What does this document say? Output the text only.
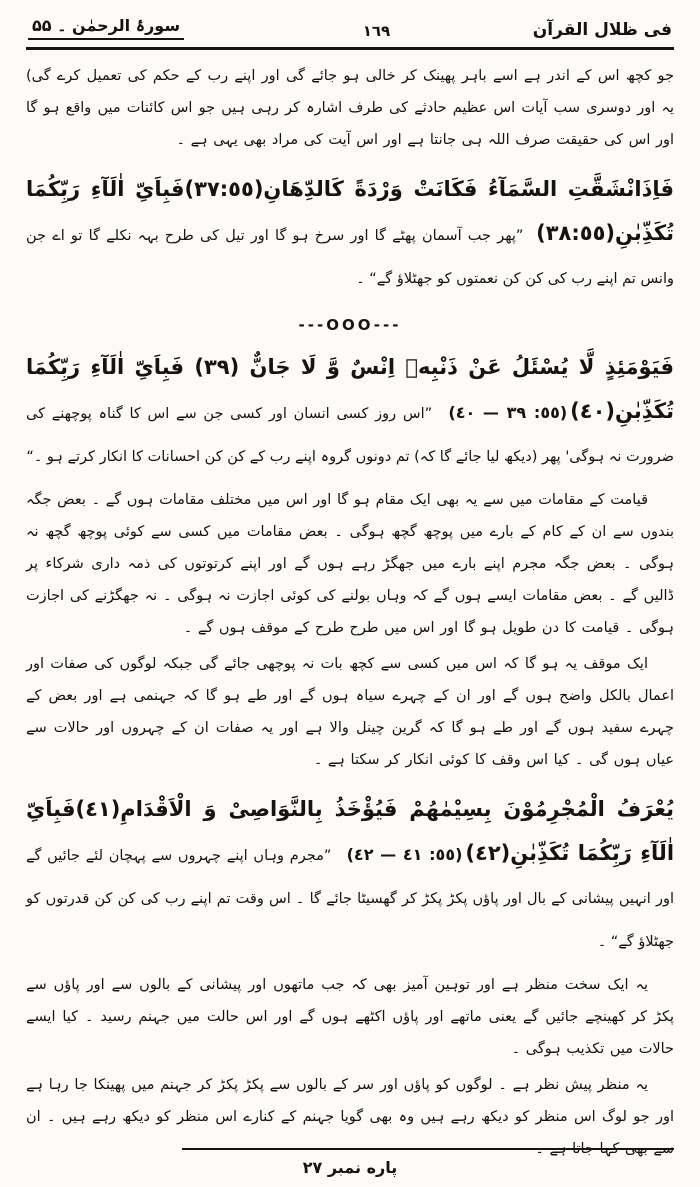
فی ظلال القرآن
١٦٩
سورۂ الرحمٰن ۔ ۵۵

جو کچھ اس کے اندر ہے اسے باہر پھینک کر خالی ہو جائے گی اور اپنے رب کے حکم کی تعمیل کرے گی) یہ اور دوسری سب آیات اس عظیم حادثے کی طرف اشارہ کر رہی ہیں جو اس کائنات میں واقع ہو گا اور اس کی حقیقت صرف اللہ ہی جانتا ہے اور اس آیت کی مراد بھی یہی ہے ۔

فَاِذَانْشَقَّتِ السَّمَآءُ فَكَانَتْ وَرْدَةً كَالدِّهَانِ(٣٧:٥٥)فَبِاَیِّ اٰلَآءِ رَبِّكُمَا تُكَذِّبٰنِ(٣٨:٥٥) ”پھر جب آسمان پھٹے گا اور سرخ ہو گا اور تیل کی طرح بہہ نکلے گا تو اے جن وانس تم اپنے رب کی کن کن نعمتوں کو جھٹلاؤ گے“ ۔

---OOO---

فَيَوْمَئِذٍ لَّا يُسْئَلُ عَنْ ذَنْبِهٖ اِنْسٌ وَّ لَا جَانٌّ (٣٩) فَبِاَیِّ اٰلَآءِ رَبِّكُمَا تُكَذِّبٰنِ(٤٠)(٥٥: ٣٩ — ٤٠) ”اس روز کسی انسان اور کسی جن سے اس کا گناہ پوچھنے کی ضرورت نہ ہوگی' پھر (دیکھ لیا جائے گا کہ) تم دونوں گروہ اپنے رب کے کن کن احسانات کا انکار کرتے ہو ۔“

قیامت کے مقامات میں سے یہ بھی ایک مقام ہو گا اور اس میں مختلف مقامات ہوں گے ۔ بعض جگہ بندوں سے ان کے کام کے بارے میں پوچھ گچھ ہوگی ۔ بعض مقامات میں کسی سے کوئی پوچھ گچھ نہ ہوگی ۔ بعض جگہ مجرم اپنے بارے میں جھگڑ رہے ہوں گے اور اپنے کرتوتوں کی ذمہ داری شرکاء پر ڈالیں گے ۔ بعض مقامات ایسے ہوں گے کہ وہاں بولنے کی کوئی اجازت نہ ہوگی ۔ نہ جھگڑنے کی اجازت ہوگی ۔ قیامت کا دن طویل ہو گا اور اس میں طرح طرح کے موقف ہوں گے ۔

ایک موقف یہ ہو گا کہ اس میں کسی سے کچھ بات نہ پوچھی جائے گی جبکہ لوگوں کی صفات اور اعمال بالکل واضح ہوں گے اور ان کے چہرے سیاہ ہوں گے اور طے ہو گا کہ جہنمی ہے اور بعض کے چہرے سفید ہوں گے اور طے ہو گا کہ گرین چینل والا ہے اور یہ صفات ان کے چہروں اور حالات سے عیاں ہوں گی ۔ کیا اس وقف کا کوئی انکار کر سکتا ہے ۔

يُعْرَفُ الْمُجْرِمُوْنَ بِسِيْمٰهُمْ فَيُؤْخَذُ بِالنَّوَاصِیْ وَ الْاَقْدَامِ(٤١)فَبِاَیِّ اٰلَآءِ رَبِّكُمَا تُكَذِّبٰنِ(٤٢)(٥٥: ٤١ — ٤٢) ”مجرم وہاں اپنے چہروں سے پہچان لئے جائیں گے اور انہیں پیشانی کے بال اور پاؤں پکڑ پکڑ کر گھسیٹا جائے گا ۔ اس وقت تم اپنے رب کی کن کن قدرتوں کو جھٹلاؤ گے“ ۔

یہ ایک سخت منظر ہے اور توہین آمیز بھی کہ جب ماتھوں اور پیشانی کے بالوں سے اور پاؤں سے پکڑ کر کھینچے جائیں گے یعنی ماتھے اور پاؤں اکٹھے ہوں گے اور اس حالت میں جہنم رسید ۔ کیا ایسے حالات میں تکذیب ہوگی ۔

یہ منظر پیش نظر ہے ۔ لوگوں کو پاؤں اور سر کے بالوں سے پکڑ پکڑ کر جہنم میں پھینکا جا رہا ہے اور جو لوگ اس منظر کو دیکھ رہے ہیں وہ بھی گویا جہنم کے کنارے اس منظر کو دیکھ رہے ہیں ۔ ان سے بھی کہا جاتا ہے ۔

پاره نمبر ٢٧
